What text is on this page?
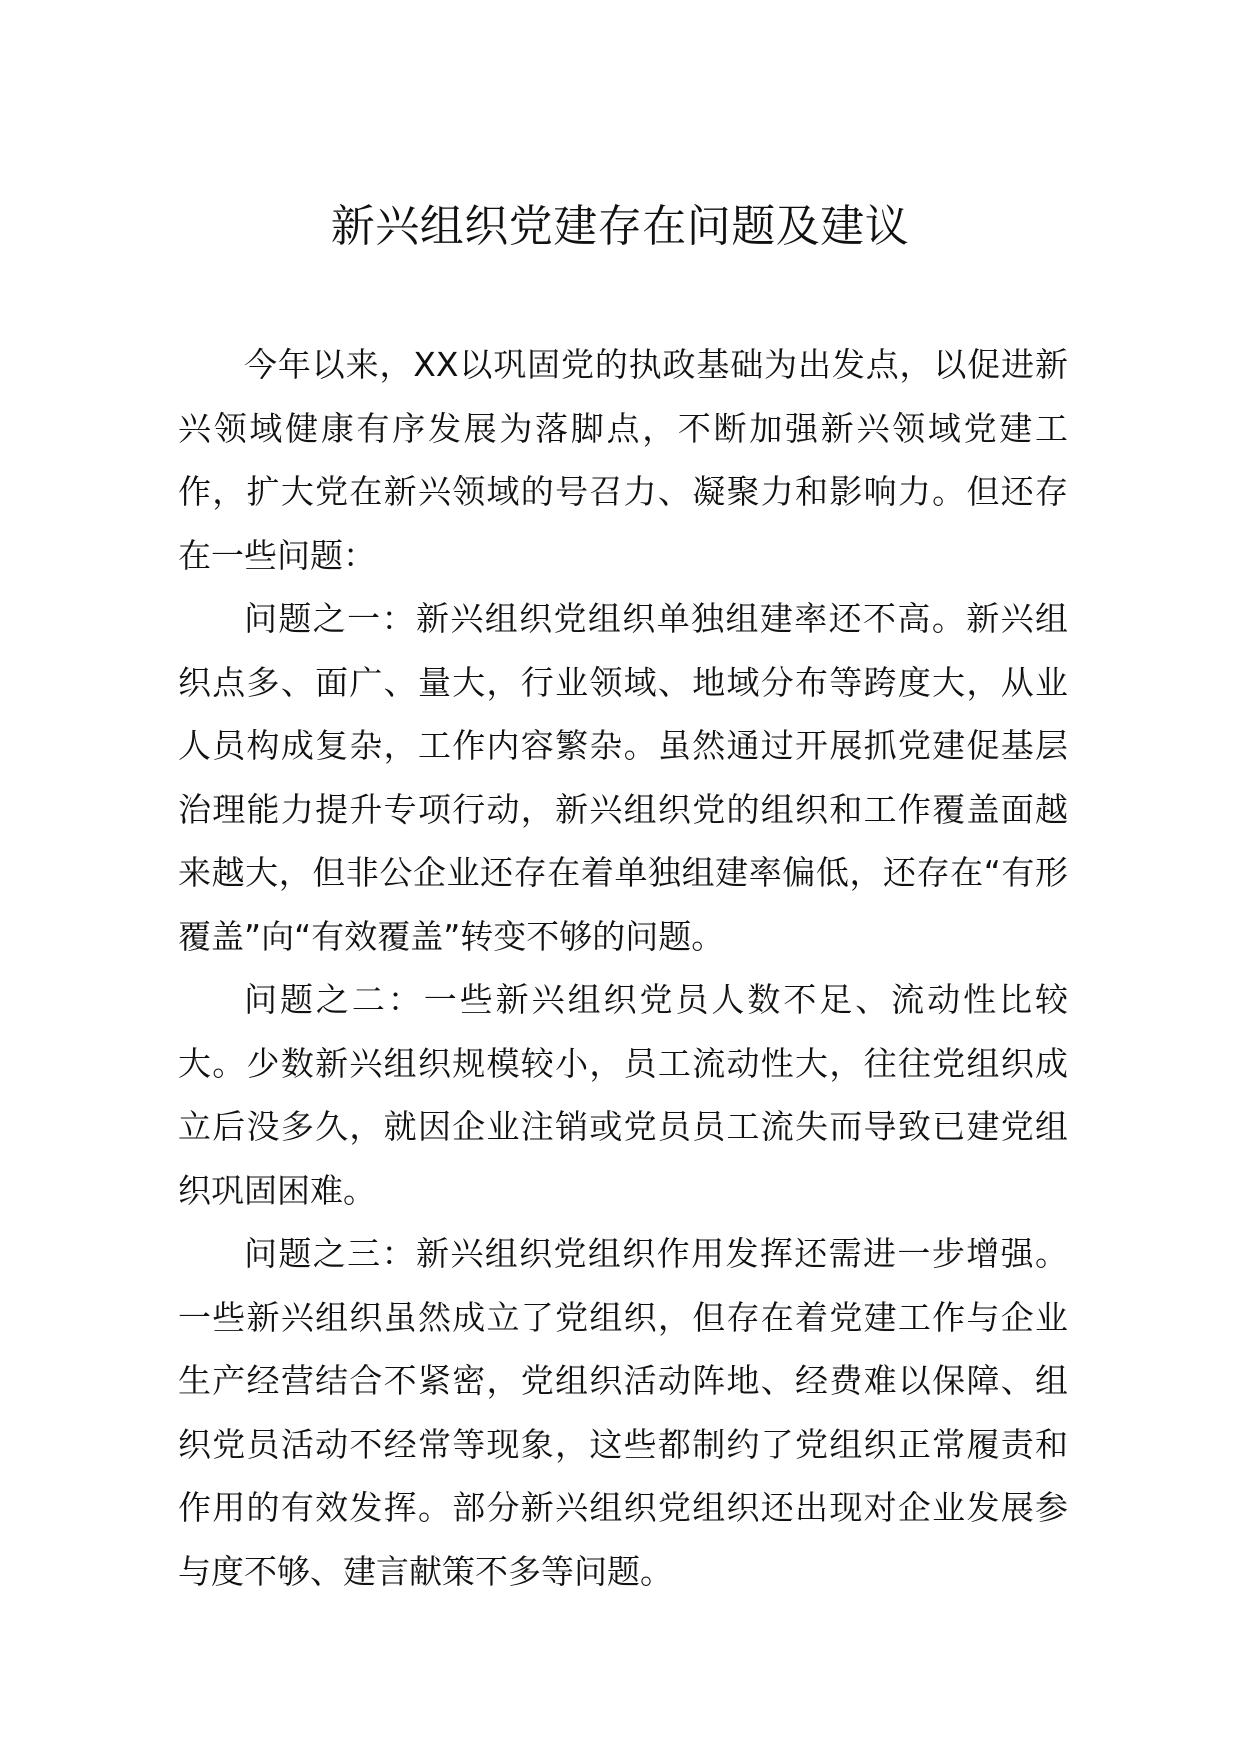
新兴组织党建存在问题及建议

今年以来，XX以巩固党的执政基础为出发点，以促进新兴领域健康有序发展为落脚点，不断加强新兴领域党建工作，扩大党在新兴领域的号召力、凝聚力和影响力。但还存在一些问题：

问题之一：新兴组织党组织单独组建率还不高。新兴组织点多、面广、量大，行业领域、地域分布等跨度大，从业人员构成复杂，工作内容繁杂。虽然通过开展抓党建促基层治理能力提升专项行动，新兴组织党的组织和工作覆盖面越来越大，但非公企业还存在着单独组建率偏低，还存在“有形覆盖”向“有效覆盖”转变不够的问题。

问题之二：一些新兴组织党员人数不足、流动性比较大。少数新兴组织规模较小，员工流动性大，往往党组织成立后没多久，就因企业注销或党员员工流失而导致已建党组织巩固困难。

问题之三：新兴组织党组织作用发挥还需进一步增强。一些新兴组织虽然成立了党组织，但存在着党建工作与企业生产经营结合不紧密，党组织活动阵地、经费难以保障、组织党员活动不经常等现象，这些都制约了党组织正常履责和作用的有效发挥。部分新兴组织党组织还出现对企业发展参与度不够、建言献策不多等问题。
